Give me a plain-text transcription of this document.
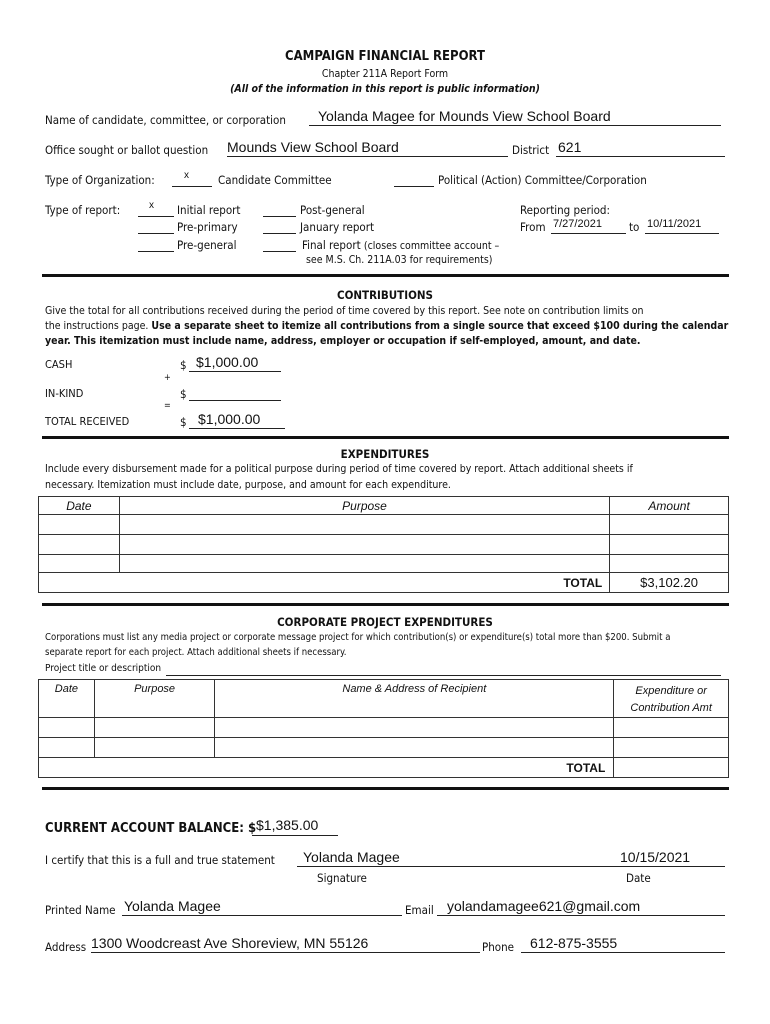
CAMPAIGN FINANCIAL REPORT
Chapter 211A Report Form
(All of the information in this report is public information)
Name of candidate, committee, or corporation Yolanda Magee for Mounds View School Board
Office sought or ballot question Mounds View School Board	District 621
Type of Organization:	x	Candidate Committee	Political (Action) Committee/Corporation
Type of report:	x Initial report
Pre-primary
Pre-general
Post-general
January report
Final report (closes committee account –
see M.S. Ch. 211A.03 for requirements)
Reporting period:
From 7/27/2021 to 10/11/2021
CONTRIBUTIONS
Give the total for all contributions received during the period of time covered by this report. See note on contribution limits on
the instructions page. Use a separate sheet to itemize all contributions from a single source that exceed $100 during the calendar
year. This itemization must include name, address, employer or occupation if self-employed, amount, and date.
CASH	$ $1,000.00
+
IN-KIND	$
=
TOTAL RECEIVED	$ $1,000.00
EXPENDITURES
Include every disbursement made for a political purpose during period of time covered by report. Attach additional sheets if
necessary. Itemization must include date, purpose, and amount for each expenditure.
Date	Purpose	Amount

TOTAL		$3,102.20
CORPORATE PROJECT EXPENDITURES
Corporations must list any media project or corporate message project for which contribution(s) or expenditure(s) total more than $200. Submit a
separate report for each project. Attach additional sheets if necessary.
Project title or description
Date	Purpose	Name & Address of Recipient	Expenditure or
Contribution Amt

TOTAL			
CURRENT ACCOUNT BALANCE: $ $1,385.00
I certify that this is a full and true statement Yolanda Magee	10/15/2021
Signature	Date
Printed Name Yolanda Magee	Email yolandamagee621@gmail.com
Address 1300 Woodcreast Ave Shoreview, MN 55126	Phone 612-875-3555
